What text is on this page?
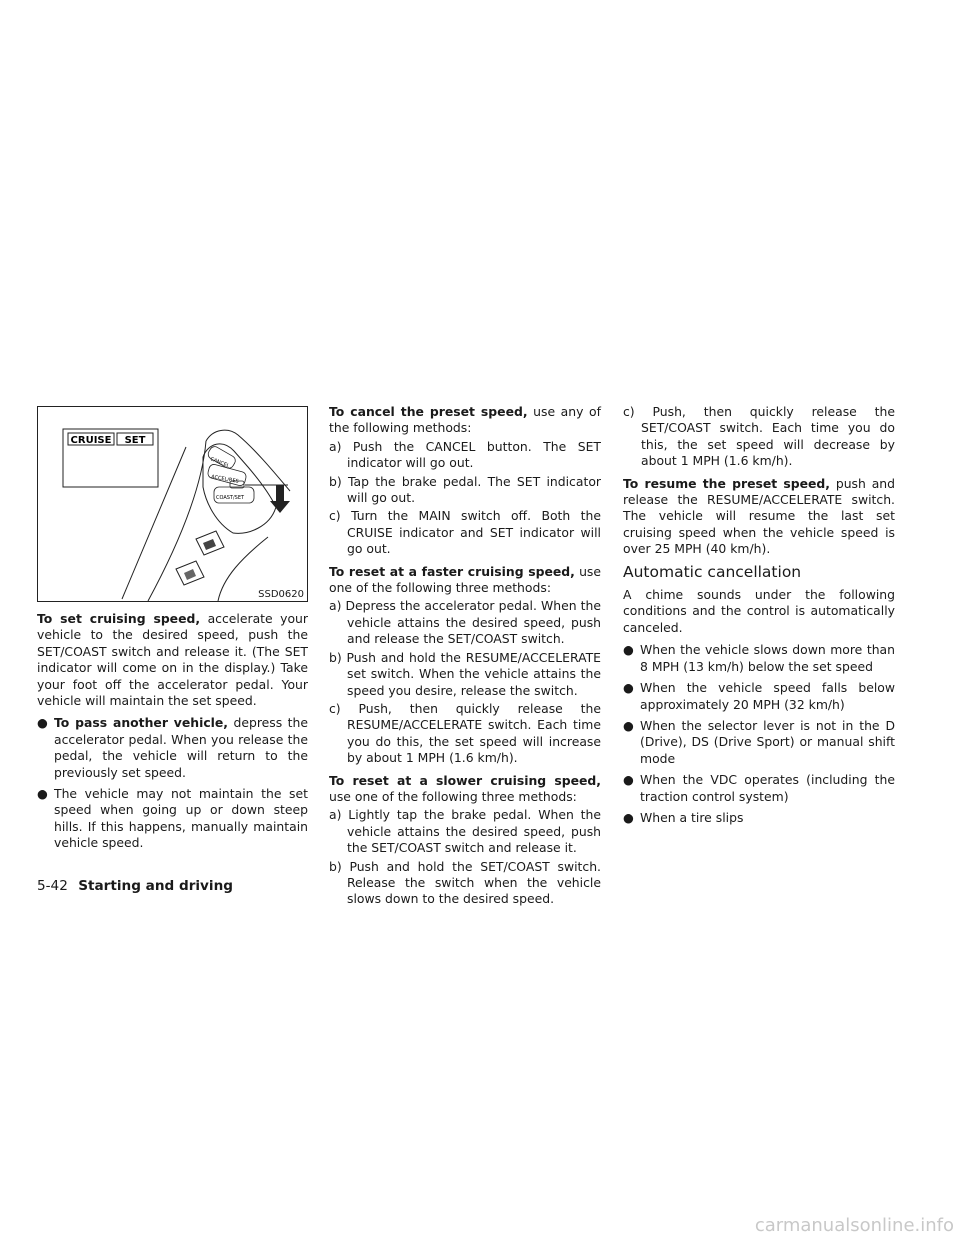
CRUISE SET
CANCEL
ACCEL/RES
COAST/SET
SSD0620

To set cruising speed, accelerate your vehicle to the desired speed, push the SET/COAST switch and release it. (The SET indicator will come on in the display.) Take your foot off the accelerator pedal. Your vehicle will maintain the set speed.

● To pass another vehicle, depress the accelerator pedal. When you release the pedal, the vehicle will return to the previously set speed.
● The vehicle may not maintain the set speed when going up or down steep hills. If this happens, manually maintain vehicle speed.

To cancel the preset speed, use any of the following methods:

a) Push the CANCEL button. The SET indicator will go out.
b) Tap the brake pedal. The SET indicator will go out.
c) Turn the MAIN switch off. Both the CRUISE indicator and SET indicator will go out.

To reset at a faster cruising speed, use one of the following three methods:

a) Depress the accelerator pedal. When the vehicle attains the desired speed, push and release the SET/COAST switch.
b) Push and hold the RESUME/ACCELERATE set switch. When the vehicle attains the speed you desire, release the switch.
c) Push, then quickly release the RESUME/ACCELERATE switch. Each time you do this, the set speed will increase by about 1 MPH (1.6 km/h).

To reset at a slower cruising speed, use one of the following three methods:

a) Lightly tap the brake pedal. When the vehicle attains the desired speed, push the SET/COAST switch and release it.
b) Push and hold the SET/COAST switch. Release the switch when the vehicle slows down to the desired speed.
c) Push, then quickly release the SET/COAST switch. Each time you do this, the set speed will decrease by about 1 MPH (1.6 km/h).

To resume the preset speed, push and release the RESUME/ACCELERATE switch. The vehicle will resume the last set cruising speed when the vehicle speed is over 25 MPH (40 km/h).

Automatic cancellation

A chime sounds under the following conditions and the control is automatically canceled.

● When the vehicle slows down more than 8 MPH (13 km/h) below the set speed
● When the vehicle speed falls below approximately 20 MPH (32 km/h)
● When the selector lever is not in the D (Drive), DS (Drive Sport) or manual shift mode
● When the VDC operates (including the traction control system)
● When a tire slips
5-42 Starting and driving
carmanualsonline.info
